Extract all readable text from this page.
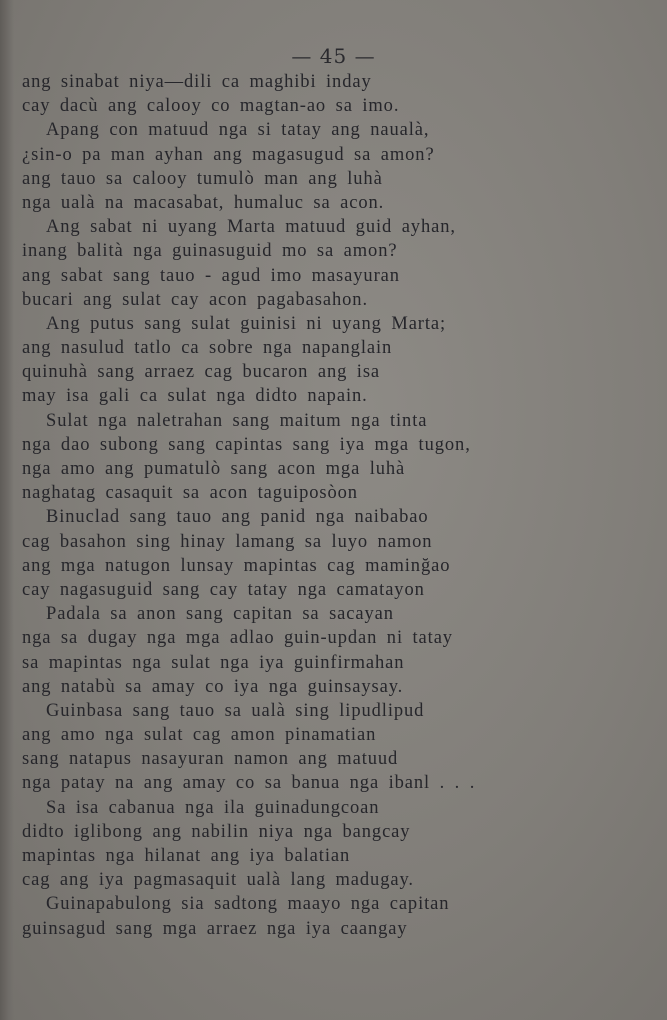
— 45 —
ang sinabat niya—dili ca maghibi inday
cay dacù ang calooy co magtan-ao sa imo.
Apang con matuud nga si tatay ang naualà,
¿sin-o pa man ayhan ang magasugud sa amon?
ang tauo sa calooy tumulò man ang luhà
nga ualà na macasabat, humaluc sa acon.
Ang sabat ni uyang Marta matuud guid ayhan,
inang balità nga guinasuguid mo sa amon?
ang sabat sang tauo - agud imo masayuran
bucari ang sulat cay acon pagabasahon.
Ang putus sang sulat guinisi ni uyang Marta;
ang nasulud tatlo ca sobre nga napanglain
quinuhà sang arraez cag bucaron ang isa
may isa gali ca sulat nga didto napain.
Sulat nga naletrahan sang maitum nga tinta
nga dao subong sang capintas sang iya mga tugon,
nga amo ang pumatulò sang acon mga luhà
naghatag casaquit sa acon taguiposòon
Binuclad sang tauo ang panid nga naibabao
cag basahon sing hinay lamang sa luyo namon
ang mga natugon lunsay mapintas cag maminğao
cay nagasuguid sang cay tatay nga camatayon
Padala sa anon sang capitan sa sacayan
nga sa dugay nga mga adlao guin-updan ni tatay
sa mapintas nga sulat nga iya guinfirmahan
ang natabù sa amay co iya nga guinsaysay.
Guinbasa sang tauo sa ualà sing lipudlipud
ang amo nga sulat cag amon pinamatian
sang natapus nasayuran namon ang matuud
nga patay na ang amay co sa banua nga ibanl . . .
Sa isa cabanua nga ila guinadungcoan
didto iglibong ang nabilin niya nga bangcay
mapintas nga hilanat ang iya balatian
cag ang iya pagmasaquit ualà lang madugay.
Guinapabulong sia sadtong maayo nga capitan
guinsagud sang mga arraez nga iya caangay
